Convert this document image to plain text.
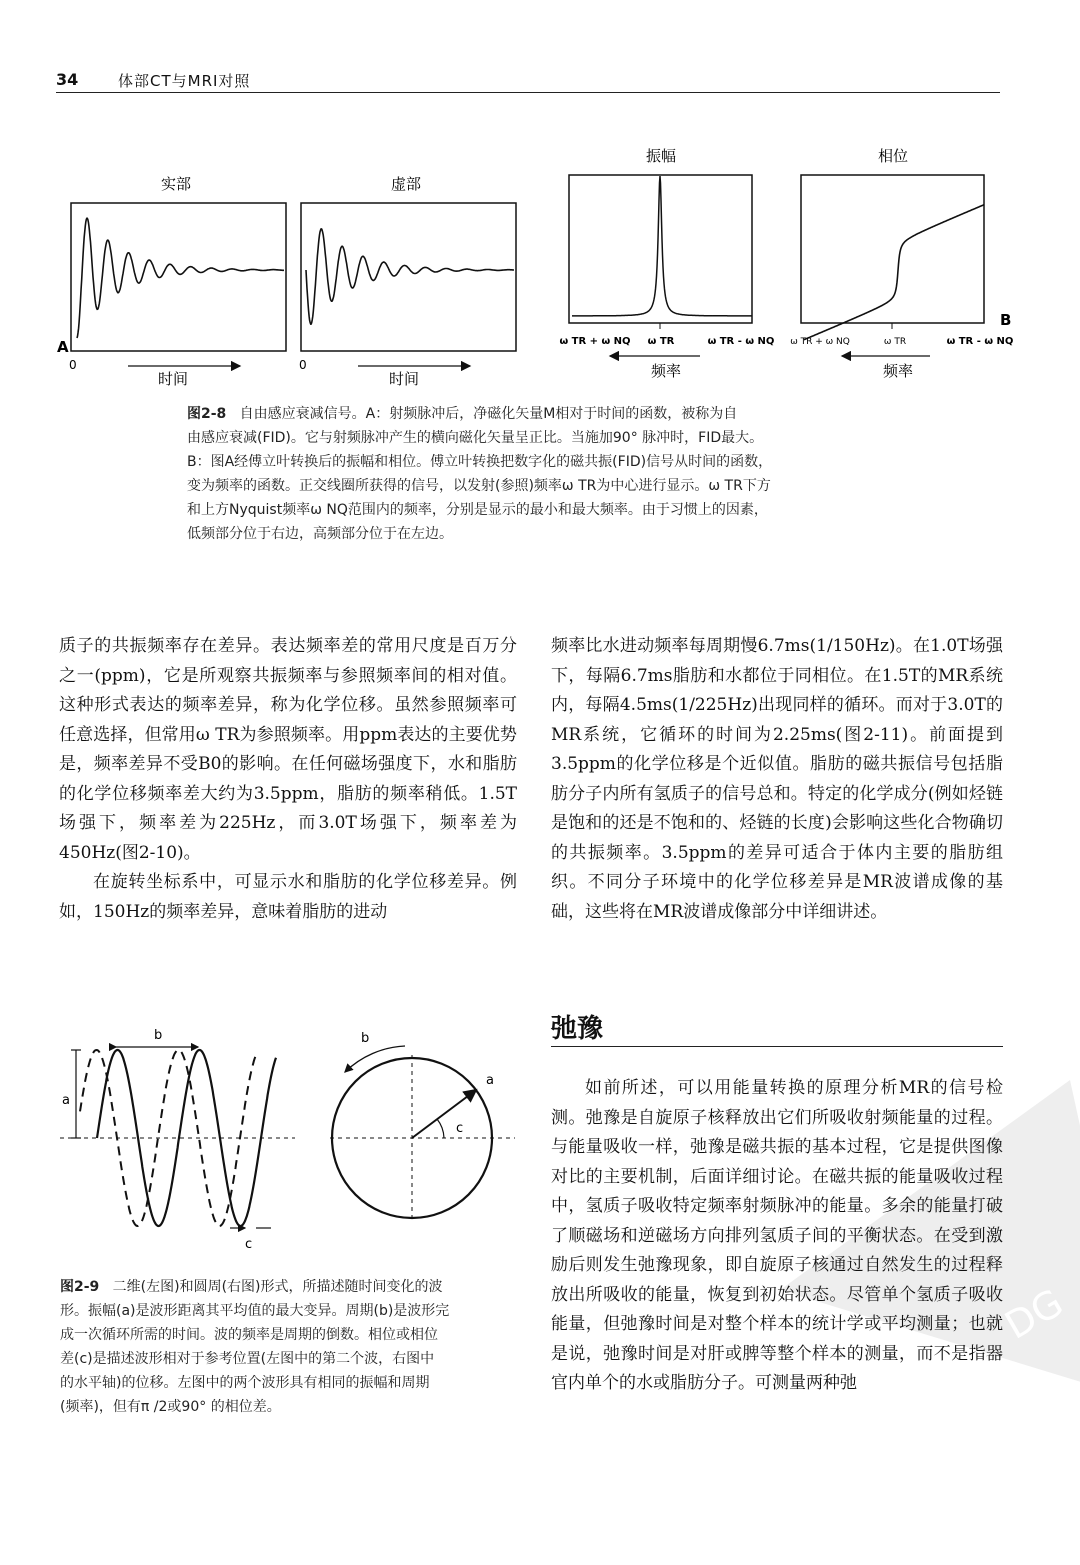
34	体部CT与MRI对照
实部	虚部
振幅	相位
A
0	0
时间	时间
B
ω TR + ω NQ ω TR	ω TR - ω NQ ω TR + ω NQ	ω TR	ω TR - ω NQ
频率	频率
图2-8 自由感应衰减信号。A：射频脉冲后，净磁化矢量M相对于时间的函数，被称为自
由感应衰减(FID)。它与射频脉冲产生的横向磁化矢量呈正比。当施加90° 脉冲时，FID最大。
B：图A经傅立叶转换后的振幅和相位。傅立叶转换把数字化的磁共振(FID)信号从时间的函数，
变为频率的函数。正交线圈所获得的信号，以发射(参照)频率ω TR为中心进行显示。ω TR下方
和上方Nyquist频率ω NQ范围内的频率，分别是显示的最小和最大频率。由于习惯上的因素，
低频部分位于右边，高频部分位于在左边。

质子的共振频率存在差异。表达频率差的常用尺度是百万分之一(ppm)，它是所观察共振频率与参照频率间的相对值。这种形式表达的频率差异，称为化学位移。虽然参照频率可任意选择，但常用ω TR为参照频率。用ppm表达的主要优势是，频率差异不受B0的影响。在任何磁场强度下，水和脂肪的化学位移频率差大约为3.5ppm，脂肪的频率稍低。1.5T场强下，频率差为225Hz，而3.0T场强下，频率差为450Hz(图2-10)。

在旋转坐标系中，可显示水和脂肪的化学位移差异。例如，150Hz的频率差异，意味着脂肪的进动

频率比水进动频率每周期慢6.7ms(1/150Hz)。在1.0T场强下，每隔6.7ms脂肪和水都位于同相位。在1.5T的MR系统内，每隔4.5ms(1/225Hz)出现同样的循环。而对于3.0T的MR系统，它循环的时间为2.25ms(图2-11)。前面提到3.5ppm的化学位移是个近似值。脂肪的磁共振信号包括脂肪分子内所有氢质子的信号总和。特定的化学成分(例如烃链是饱和的还是不饱和的、烃链的长度)会影响这些化合物确切的共振频率。3.5ppm的差异可适合于体内主要的脂肪组织。不同分子环境中的化学位移差异是MR波谱成像的基础，这些将在MR波谱成像部分中详细讲述。

弛豫
DG

如前所述，可以用能量转换的原理分析MR的信号检测。弛豫是自旋原子核释放出它们所吸收射频能量的过程。与能量吸收一样，弛豫是磁共振的基本过程，它是提供图像对比的主要机制，后面详细讨论。在磁共振的能量吸收过程中，氢质子吸收特定频率射频脉冲的能量。多余的能量打破了顺磁场和逆磁场方向排列氢质子间的平衡状态。在受到激励后则发生弛豫现象，即自旋原子核通过自然发生的过程释放出所吸收的能量，恢复到初始状态。尽管单个氢质子吸收能量，但弛豫时间是对整个样本的统计学或平均测量；也就是说，弛豫时间是对肝或脾等整个样本的测量，而不是指器官内单个的水或脂肪分子。可测量两种弛

a
b
c
a
c
b
图2-9 二维(左图)和圆周(右图)形式，所描述随时间变化的波
形。振幅(a)是波形距离其平均值的最大变异。周期(b)是波形完
成一次循环所需的时间。波的频率是周期的倒数。相位或相位
差(c)是描述波形相对于参考位置(左图中的第二个波，右图中
的水平轴)的位移。左图中的两个波形具有相同的振幅和周期
(频率)，但有π /2或90° 的相位差。
